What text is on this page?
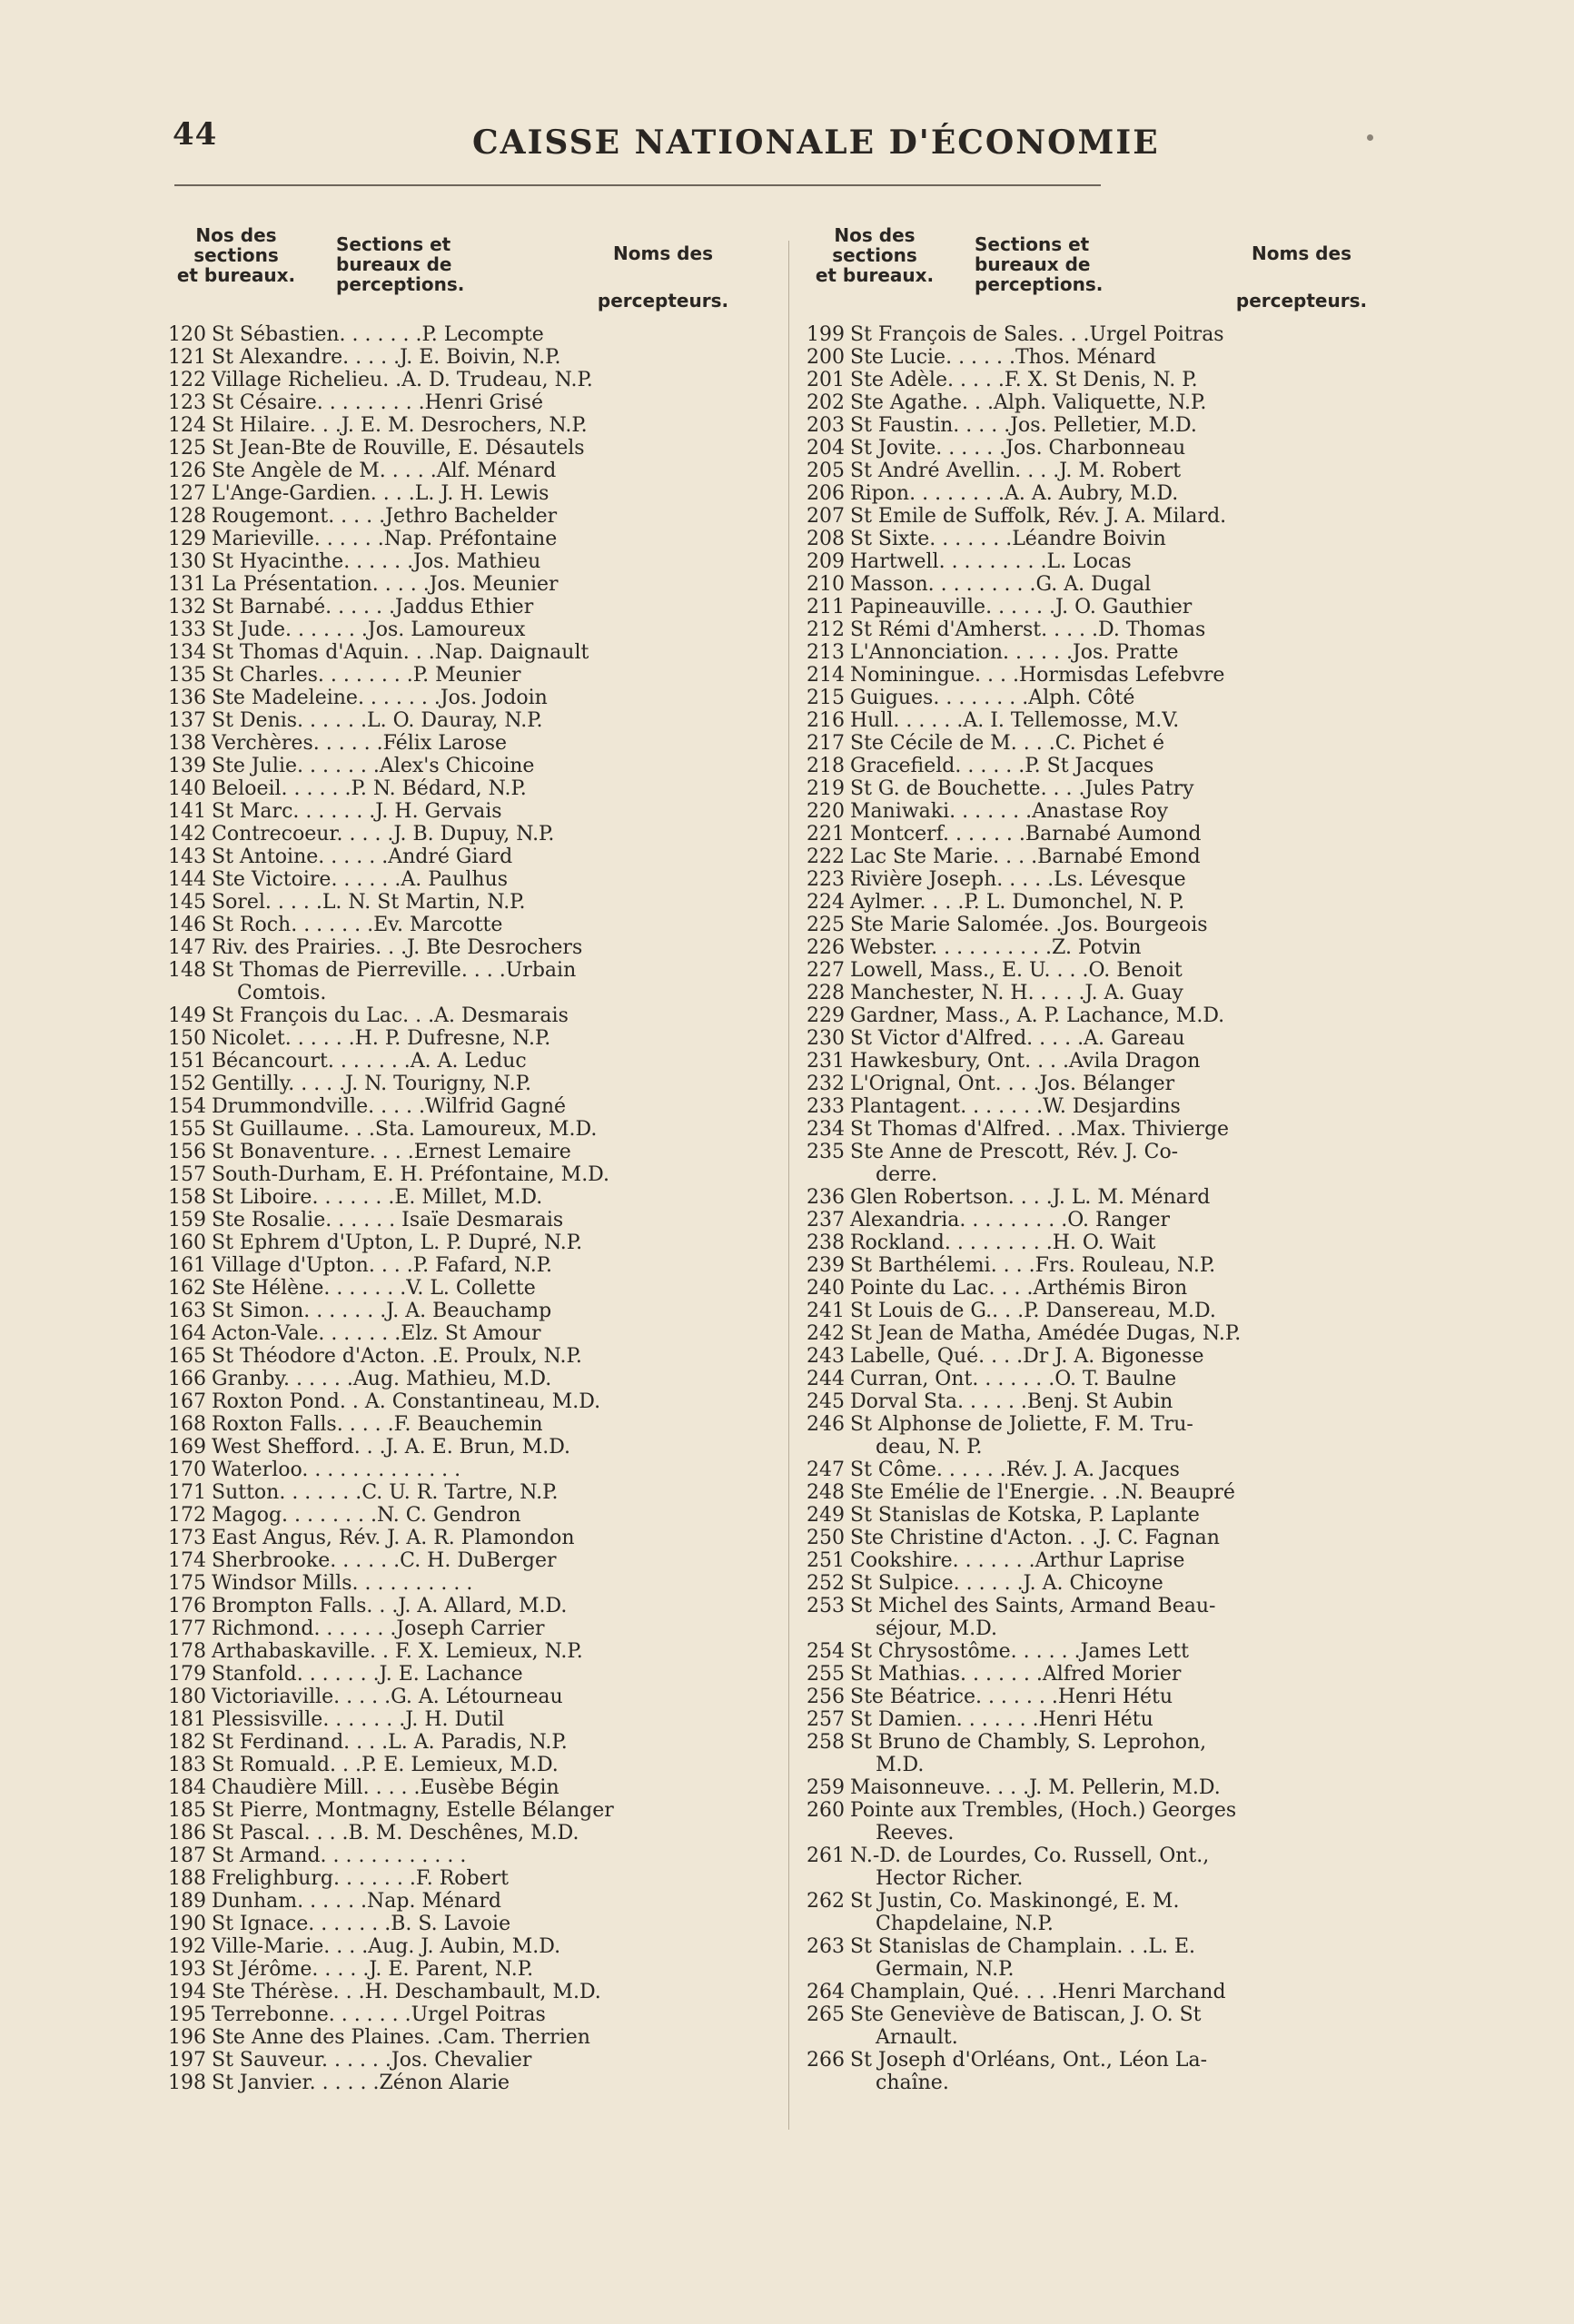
44	CAISSE NATIONALE D'ÉCONOMIE
Nos des
sections
et bureaux.
Sections et
bureaux de
perceptions.
Noms des
percepteurs.
120 St Sébastien. . . . . . .P. Lecompte
121 St Alexandre. . . . .J. E. Boivin, N.P.
122 Village Richelieu. .A. D. Trudeau, N.P.
123 St Césaire. . . . . . . . .Henri Grisé
124 St Hilaire. . .J. E. M. Desrochers, N.P.
125 St Jean-Bte de Rouville, E. Désautels
126 Ste Angèle de M. . . . .Alf. Ménard
127 L'Ange-Gardien. . . .L. J. H. Lewis
128 Rougemont. . . . .Jethro Bachelder
129 Marieville. . . . . .Nap. Préfontaine
130 St Hyacinthe. . . . . .Jos. Mathieu
131 La Présentation. . . . .Jos. Meunier
132 St Barnabé. . . . . .Jaddus Ethier
133 St Jude. . . . . . .Jos. Lamoureux
134 St Thomas d'Aquin. . .Nap. Daignault
135 St Charles. . . . . . . .P. Meunier
136 Ste Madeleine. . . . . . .Jos. Jodoin
137 St Denis. . . . . .L. O. Dauray, N.P.
138 Verchères. . . . . .Félix Larose
139 Ste Julie. . . . . . .Alex's Chicoine
140 Beloeil. . . . . .P. N. Bédard, N.P.
141 St Marc. . . . . . .J. H. Gervais
142 Contrecoeur. . . . .J. B. Dupuy, N.P.
143 St Antoine. . . . . .André Giard
144 Ste Victoire. . . . . .A. Paulhus
145 Sorel. . . . .L. N. St Martin, N.P.
146 St Roch. . . . . . .Ev. Marcotte
147 Riv. des Prairies. . .J. Bte Desrochers
148 St Thomas de Pierreville. . . .Urbain
Comtois.
149 St François du Lac. . .A. Desmarais
150 Nicolet. . . . . .H. P. Dufresne, N.P.
151 Bécancourt. . . . . . .A. A. Leduc
152 Gentilly. . . . .J. N. Tourigny, N.P.
154 Drummondville. . . . .Wilfrid Gagné
155 St Guillaume. . .Sta. Lamoureux, M.D.
156 St Bonaventure. . . .Ernest Lemaire
157 South-Durham, E. H. Préfontaine, M.D.
158 St Liboire. . . . . . .E. Millet, M.D.
159 Ste Rosalie. . . . . . Isaïe Desmarais
160 St Ephrem d'Upton, L. P. Dupré, N.P.
161 Village d'Upton. . . .P. Fafard, N.P.
162 Ste Hélène. . . . . . .V. L. Collette
163 St Simon. . . . . . .J. A. Beauchamp
164 Acton-Vale. . . . . . .Elz. St Amour
165 St Théodore d'Acton. .E. Proulx, N.P.
166 Granby. . . . . .Aug. Mathieu, M.D.
167 Roxton Pond. . A. Constantineau, M.D.
168 Roxton Falls. . . . .F. Beauchemin
169 West Shefford. . .J. A. E. Brun, M.D.
170 Waterloo. . . . . . . . . . . . .
171 Sutton. . . . . . .C. U. R. Tartre, N.P.
172 Magog. . . . . . . .N. C. Gendron
173 East Angus, Rév. J. A. R. Plamondon
174 Sherbrooke. . . . . .C. H. DuBerger
175 Windsor Mills. . . . . . . . . .
176 Brompton Falls. . .J. A. Allard, M.D.
177 Richmond. . . . . . .Joseph Carrier
178 Arthabaskaville. . F. X. Lemieux, N.P.
179 Stanfold. . . . . . .J. E. Lachance
180 Victoriaville. . . . .G. A. Létourneau
181 Plessisville. . . . . . .J. H. Dutil
182 St Ferdinand. . . .L. A. Paradis, N.P.
183 St Romuald. . .P. E. Lemieux, M.D.
184 Chaudière Mill. . . . .Eusèbe Bégin
185 St Pierre, Montmagny, Estelle Bélanger
186 St Pascal. . . .B. M. Deschênes, M.D.
187 St Armand. . . . . . . . . . . .
188 Frelighburg. . . . . . .F. Robert
189 Dunham. . . . . .Nap. Ménard
190 St Ignace. . . . . . .B. S. Lavoie
192 Ville-Marie. . . .Aug. J. Aubin, M.D.
193 St Jérôme. . . . .J. E. Parent, N.P.
194 Ste Thérèse. . .H. Deschambault, M.D.
195 Terrebonne. . . . . . .Urgel Poitras
196 Ste Anne des Plaines. .Cam. Therrien
197 St Sauveur. . . . . .Jos. Chevalier
198 St Janvier. . . . . .Zénon Alarie
Nos des
sections
et bureaux.
Sections et
bureaux de
perceptions.
Noms des
percepteurs.
199 St François de Sales. . .Urgel Poitras
200 Ste Lucie. . . . . .Thos. Ménard
201 Ste Adèle. . . . .F. X. St Denis, N. P.
202 Ste Agathe. . .Alph. Valiquette, N.P.
203 St Faustin. . . . .Jos. Pelletier, M.D.
204 St Jovite. . . . . .Jos. Charbonneau
205 St André Avellin. . . .J. M. Robert
206 Ripon. . . . . . . .A. A. Aubry, M.D.
207 St Emile de Suffolk, Rév. J. A. Milard.
208 St Sixte. . . . . . .Léandre Boivin
209 Hartwell. . . . . . . . .L. Locas
210 Masson. . . . . . . . .G. A. Dugal
211 Papineauville. . . . . .J. O. Gauthier
212 St Rémi d'Amherst. . . . .D. Thomas
213 L'Annonciation. . . . . .Jos. Pratte
214 Nominingue. . . .Hormisdas Lefebvre
215 Guigues. . . . . . . .Alph. Côté
216 Hull. . . . . .A. I. Tellemosse, M.V.
217 Ste Cécile de M. . . .C. Pichet é
218 Gracefield. . . . . .P. St Jacques
219 St G. de Bouchette. . . .Jules Patry
220 Maniwaki. . . . . . .Anastase Roy
221 Montcerf. . . . . . .Barnabé Aumond
222 Lac Ste Marie. . . .Barnabé Emond
223 Rivière Joseph. . . . .Ls. Lévesque
224 Aylmer. . . .P. L. Dumonchel, N. P.
225 Ste Marie Salomée. .Jos. Bourgeois
226 Webster. . . . . . . . . .Z. Potvin
227 Lowell, Mass., E. U. . . .O. Benoit
228 Manchester, N. H. . . . .J. A. Guay
229 Gardner, Mass., A. P. Lachance, M.D.
230 St Victor d'Alfred. . . . .A. Gareau
231 Hawkesbury, Ont. . . .Avila Dragon
232 L'Orignal, Ont. . . .Jos. Bélanger
233 Plantagent. . . . . . .W. Desjardins
234 St Thomas d'Alfred. . .Max. Thivierge
235 Ste Anne de Prescott, Rév. J. Co-
derre.
236 Glen Robertson. . . .J. L. M. Ménard
237 Alexandria. . . . . . . . .O. Ranger
238 Rockland. . . . . . . . .H. O. Wait
239 St Barthélemi. . . .Frs. Rouleau, N.P.
240 Pointe du Lac. . . .Arthémis Biron
241 St Louis de G.. . .P. Dansereau, M.D.
242 St Jean de Matha, Amédée Dugas, N.P.
243 Labelle, Qué. . . .Dr J. A. Bigonesse
244 Curran, Ont. . . . . . .O. T. Baulne
245 Dorval Sta. . . . . .Benj. St Aubin
246 St Alphonse de Joliette, F. M. Tru-
deau, N. P.
247 St Côme. . . . . .Rév. J. A. Jacques
248 Ste Emélie de l'Energie. . .N. Beaupré
249 St Stanislas de Kotska, P. Laplante
250 Ste Christine d'Acton. . .J. C. Fagnan
251 Cookshire. . . . . . .Arthur Laprise
252 St Sulpice. . . . . .J. A. Chicoyne
253 St Michel des Saints, Armand Beau-
séjour, M.D.
254 St Chrysostôme. . . . . .James Lett
255 St Mathias. . . . . . .Alfred Morier
256 Ste Béatrice. . . . . . .Henri Hétu
257 St Damien. . . . . . .Henri Hétu
258 St Bruno de Chambly, S. Leprohon,
M.D.
259 Maisonneuve. . . .J. M. Pellerin, M.D.
260 Pointe aux Trembles, (Hoch.) Georges
Reeves.
261 N.-D. de Lourdes, Co. Russell, Ont.,
Hector Richer.
262 St Justin, Co. Maskinongé, E. M.
Chapdelaine, N.P.
263 St Stanislas de Champlain. . .L. E.
Germain, N.P.
264 Champlain, Qué. . . .Henri Marchand
265 Ste Geneviève de Batiscan, J. O. St
Arnault.
266 St Joseph d'Orléans, Ont., Léon La-
chaîne.
